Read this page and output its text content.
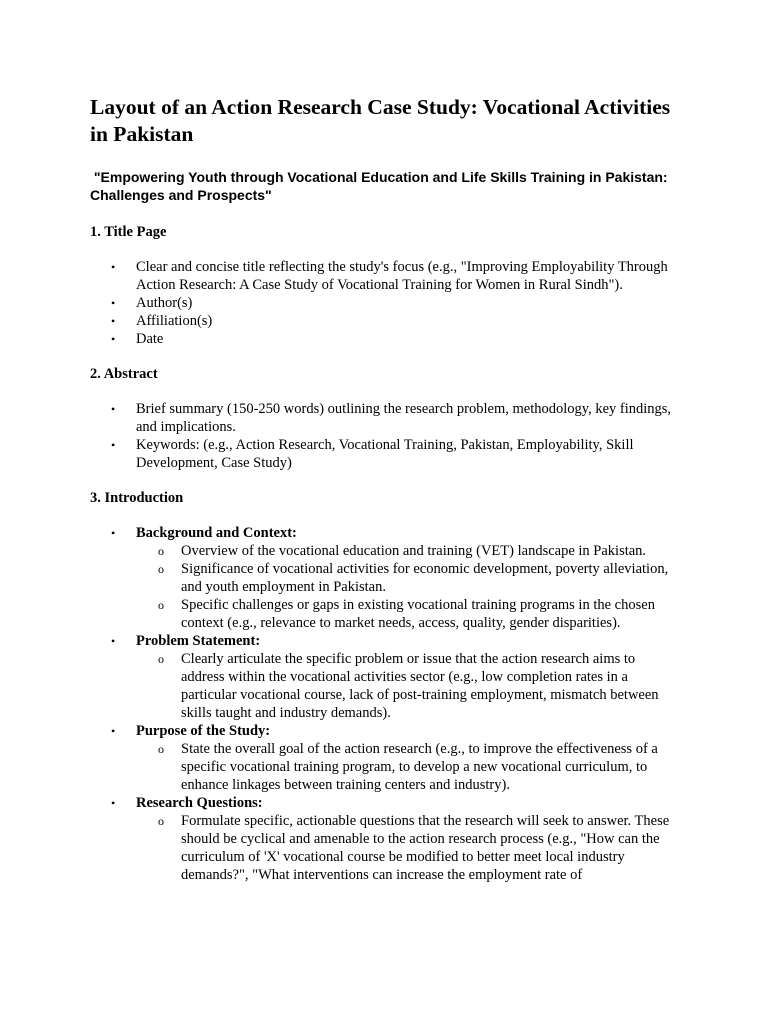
Layout of an Action Research Case Study: Vocational Activities in Pakistan

"Empowering Youth through Vocational Education and Life Skills Training in Pakistan: Challenges and Prospects"

1. Title Page
• Clear and concise title reflecting the study's focus (e.g., "Improving Employability Through Action Research: A Case Study of Vocational Training for Women in Rural Sindh").
• Author(s)
• Affiliation(s)
• Date
2. Abstract
• Brief summary (150-250 words) outlining the research problem, methodology, key findings, and implications.
• Keywords: (e.g., Action Research, Vocational Training, Pakistan, Employability, Skill Development, Case Study)
3. Introduction
• Background and Context:
o Overview of the vocational education and training (VET) landscape in Pakistan.
o Significance of vocational activities for economic development, poverty alleviation, and youth employment in Pakistan.
o Specific challenges or gaps in existing vocational training programs in the chosen context (e.g., relevance to market needs, access, quality, gender disparities).
• Problem Statement:
o Clearly articulate the specific problem or issue that the action research aims to address within the vocational activities sector (e.g., low completion rates in a particular vocational course, lack of post-training employment, mismatch between skills taught and industry demands).
• Purpose of the Study:
o State the overall goal of the action research (e.g., to improve the effectiveness of a specific vocational training program, to develop a new vocational curriculum, to enhance linkages between training centers and industry).
• Research Questions:
o Formulate specific, actionable questions that the research will seek to answer. These should be cyclical and amenable to the action research process (e.g., "How can the curriculum of 'X' vocational course be modified to better meet local industry demands?", "What interventions can increase the employment rate of
